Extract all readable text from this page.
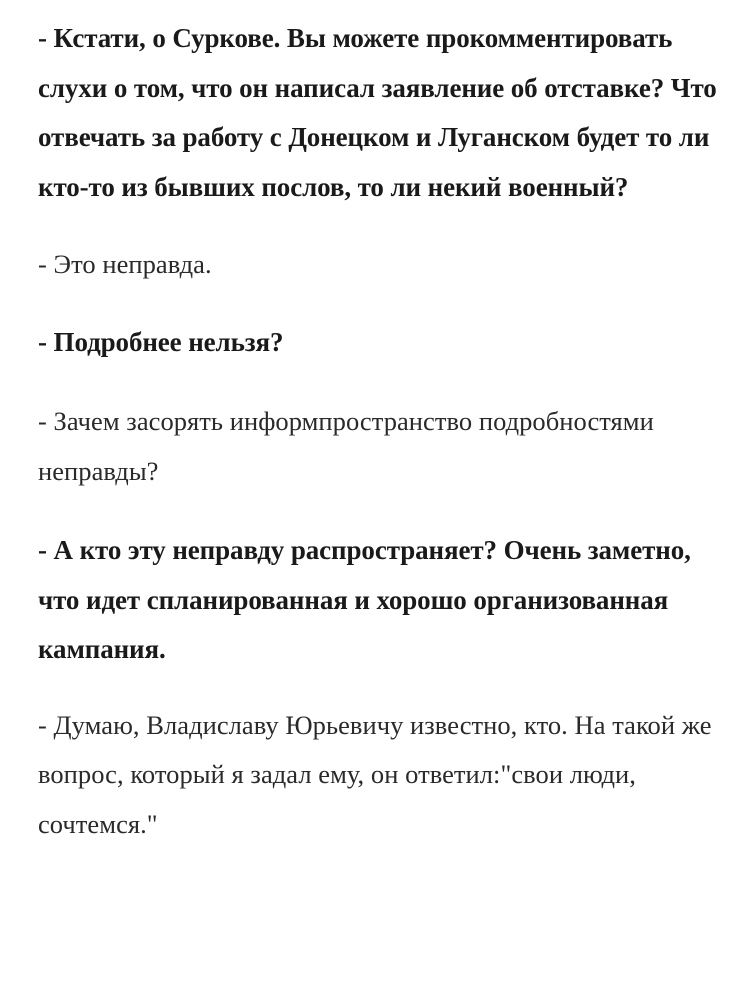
- Кстати, о Суркове. Вы можете прокомментировать слухи о том, что он написал заявление об отставке? Что отвечать за работу с Донецком и Луганском будет то ли кто-то из бывших послов, то ли некий военный?

- Это неправда.

- Подробнее нельзя?

- Зачем засорять информпространство подробностями неправды?

- А кто эту неправду распространяет? Очень заметно, что идет спланированная и хорошо организованная кампания.

- Думаю, Владиславу Юрьевичу известно, кто. На такой же вопрос, который я задал ему, он ответил:"свои люди, сочтемся."
